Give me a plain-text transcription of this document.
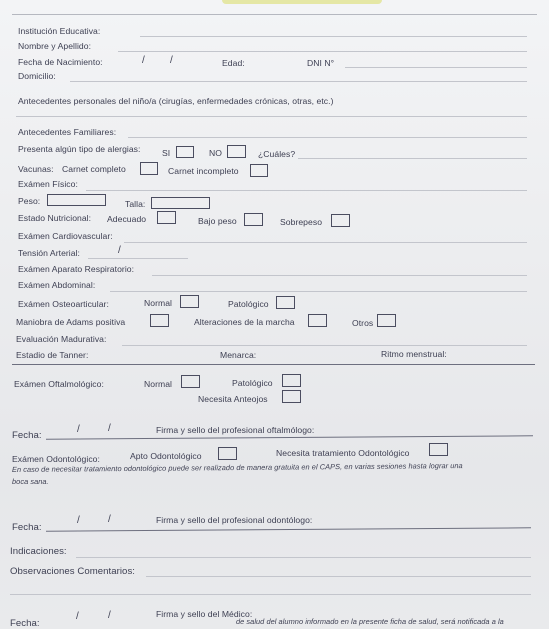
Institución Educativa:
Nombre y Apellido:
Fecha de Nacimiento:	/	/	Edad:	DNI N°
Domicilio:
Antecedentes personales del niño/a (cirugías, enfermedades crónicas, otras, etc.)
Antecedentes Familiares:
Presenta algún tipo de alergias:	SI	NO	¿Cuáles?
Vacunas: Carnet completo	Carnet incompleto
Exámen Físico:
Peso:	Talla:
Estado Nutricional: Adecuado	Bajo peso	Sobrepeso
Exámen Cardiovascular:
Tensión Arterial:	/
Exámen Aparato Respiratorio:
Exámen Abdominal:
Exámen Osteoarticular:	Normal	Patológico
Maniobra de Adams positiva	Alteraciones de la marcha	Otros
Evaluación Madurativa:
Estadio de Tanner:	Menarca:	Ritmo menstrual:
Exámen Oftalmológico:	Normal	Patológico
Necesita Anteojos
Fecha:
/	/	Firma y sello del profesional oftalmólogo:
Exámen Odontológico:	Apto Odontológico	Necesita tratamiento Odontológico
En caso de necesitar tratamiento odontológico puede ser realizado de manera gratuita en el CAPS, en varias sesiones hasta lograr una
boca sana.
Fecha:
/	/	Firma y sello del profesional odontólogo:
Indicaciones:
Observaciones Comentarios:
Fecha:
/	/	Firma y sello del Médico:
de salud del alumno informado en la presente ficha de salud, será notificada a la
